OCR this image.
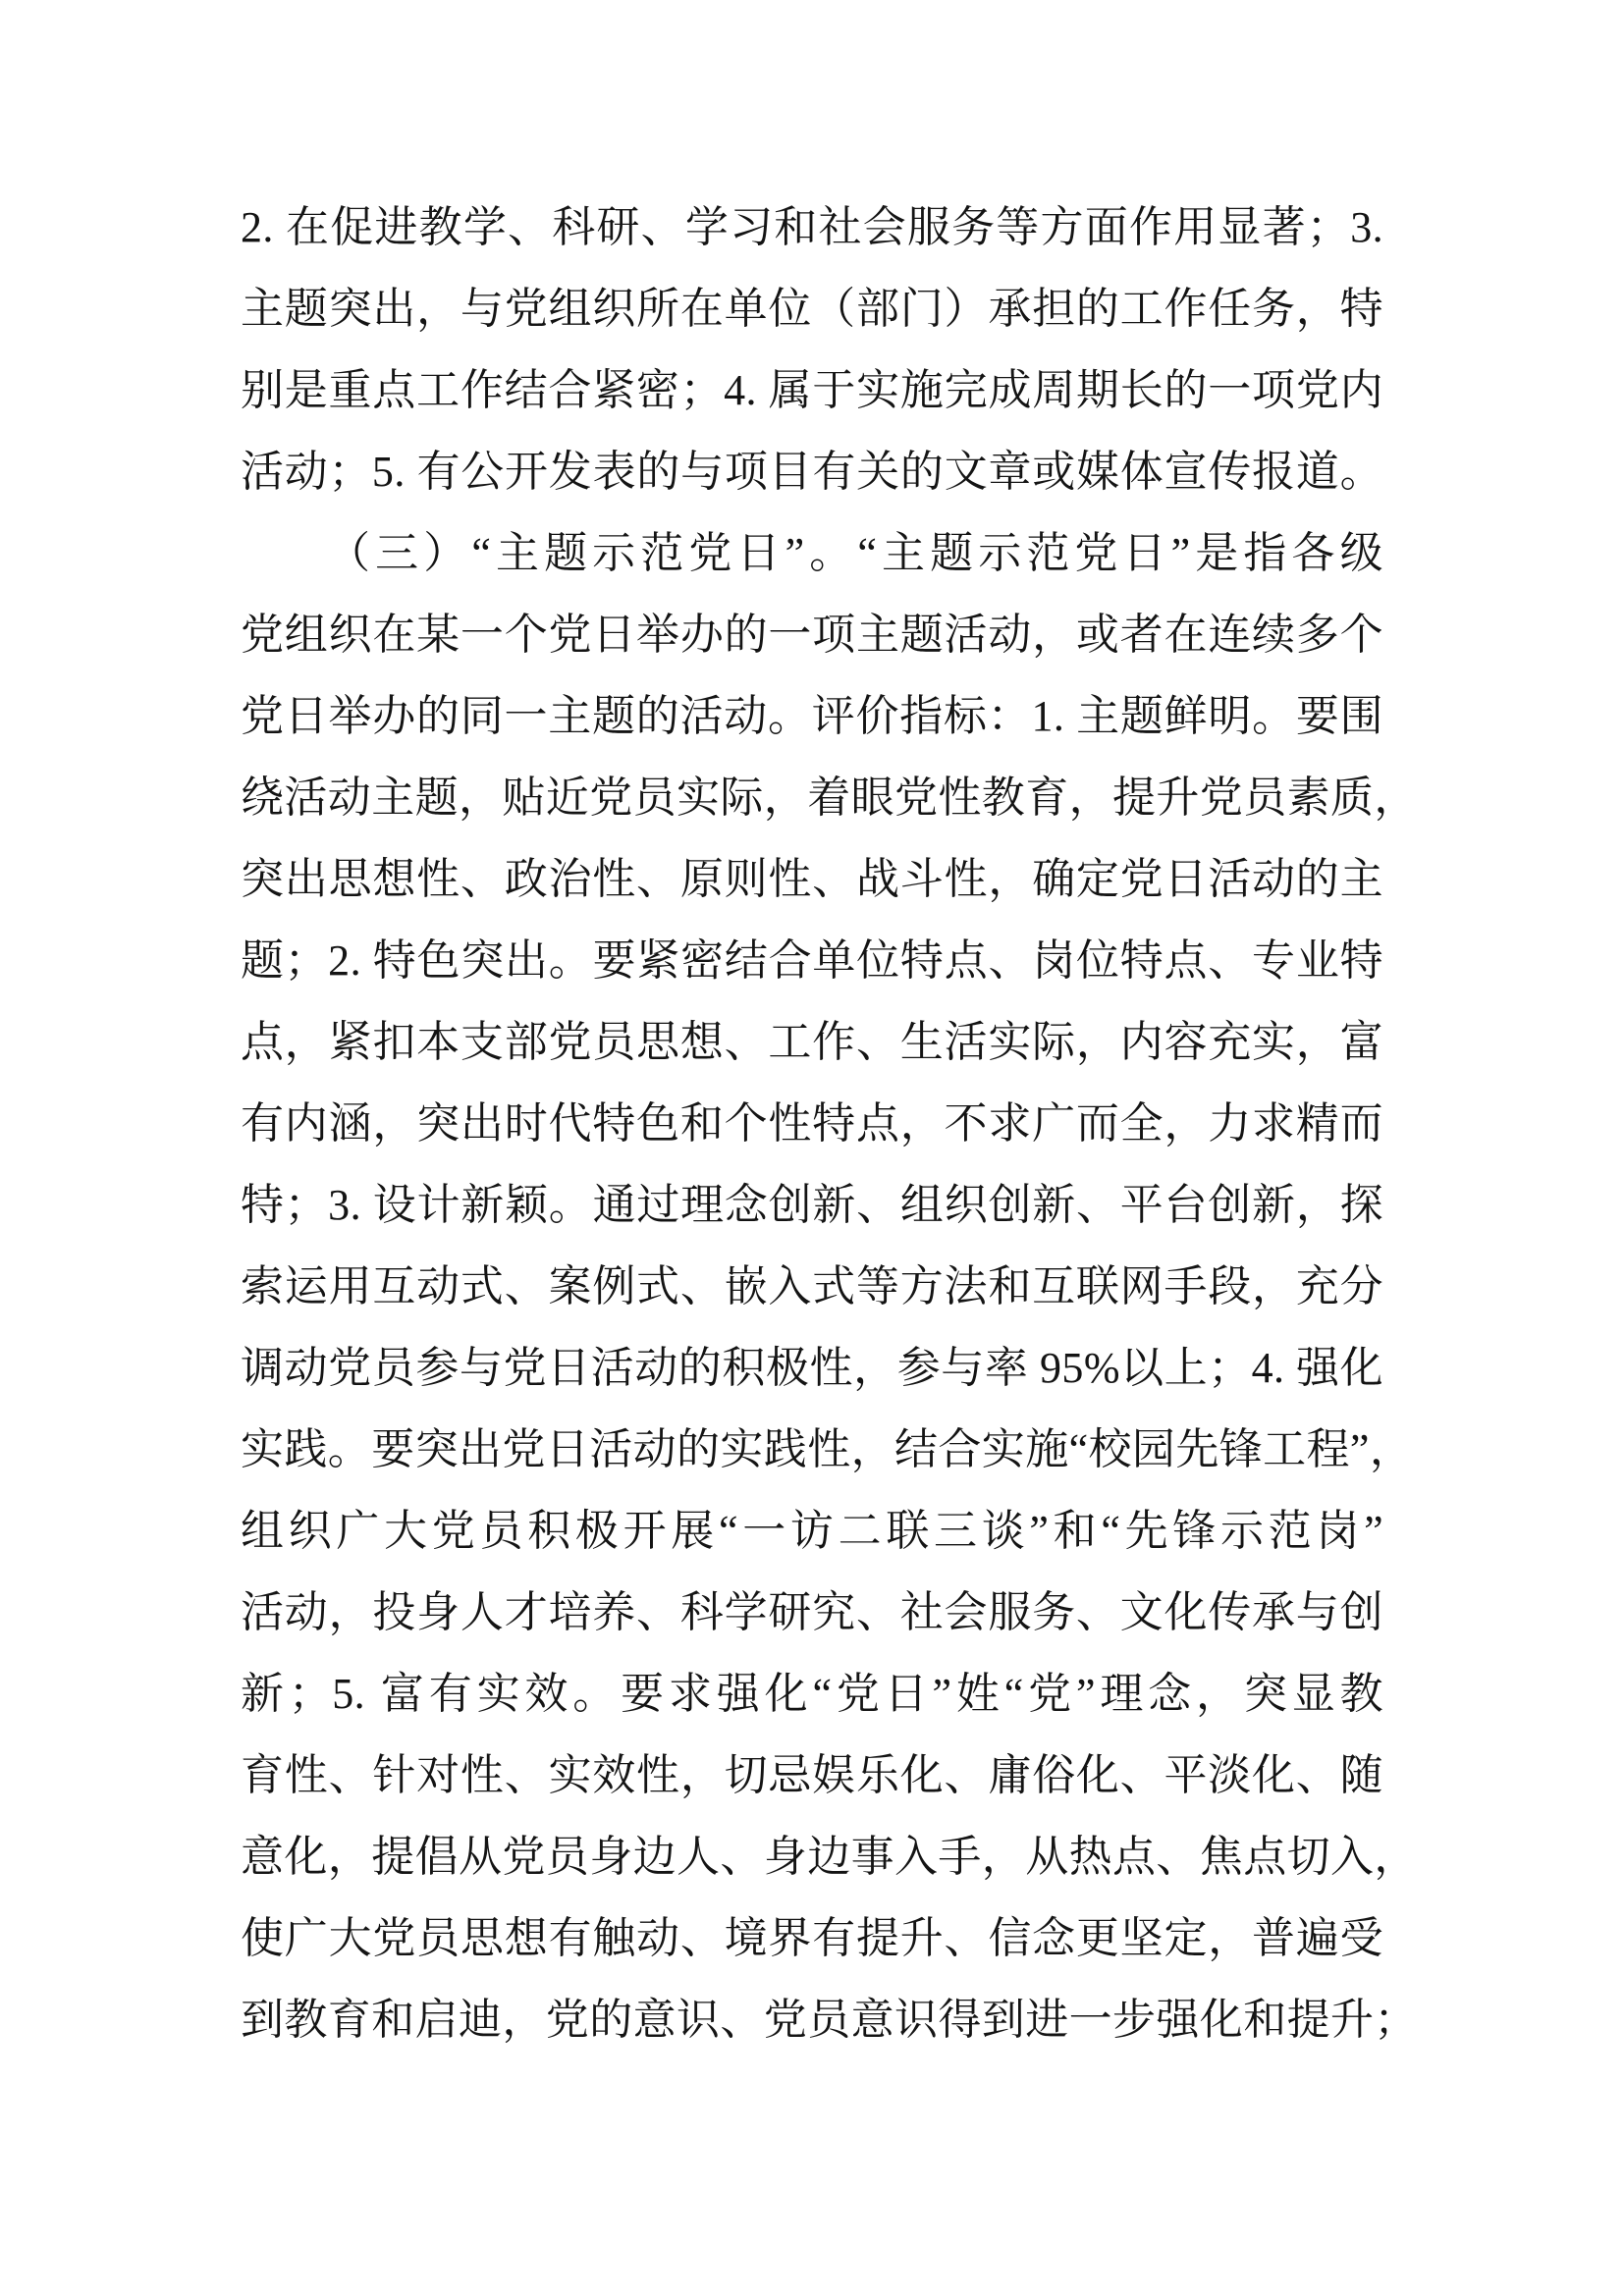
2. 在促进教学、科研、学习和社会服务等方面作用显著；3.
主题突出，与党组织所在单位（部门）承担的工作任务，特
别是重点工作结合紧密；4. 属于实施完成周期长的一项党内
活动；5. 有公开发表的与项目有关的文章或媒体宣传报道。
（三）“主题示范党日”。“主题示范党日”是指各级
党组织在某一个党日举办的一项主题活动，或者在连续多个
党日举办的同一主题的活动。评价指标：1. 主题鲜明。要围
绕活动主题，贴近党员实际，着眼党性教育，提升党员素质，
突出思想性、政治性、原则性、战斗性，确定党日活动的主
题；2. 特色突出。要紧密结合单位特点、岗位特点、专业特
点，紧扣本支部党员思想、工作、生活实际，内容充实，富
有内涵，突出时代特色和个性特点，不求广而全，力求精而
特；3. 设计新颖。通过理念创新、组织创新、平台创新，探
索运用互动式、案例式、嵌入式等方法和互联网手段，充分
调动党员参与党日活动的积极性，参与率 95%以上；4. 强化
实践。要突出党日活动的实践性，结合实施“校园先锋工程”，
组织广大党员积极开展“一访二联三谈”和“先锋示范岗”
活动，投身人才培养、科学研究、社会服务、文化传承与创
新；5. 富有实效。要求强化“党日”姓“党”理念，突显教
育性、针对性、实效性，切忌娱乐化、庸俗化、平淡化、随
意化，提倡从党员身边人、身边事入手，从热点、焦点切入，
使广大党员思想有触动、境界有提升、信念更坚定，普遍受
到教育和启迪，党的意识、党员意识得到进一步强化和提升；
